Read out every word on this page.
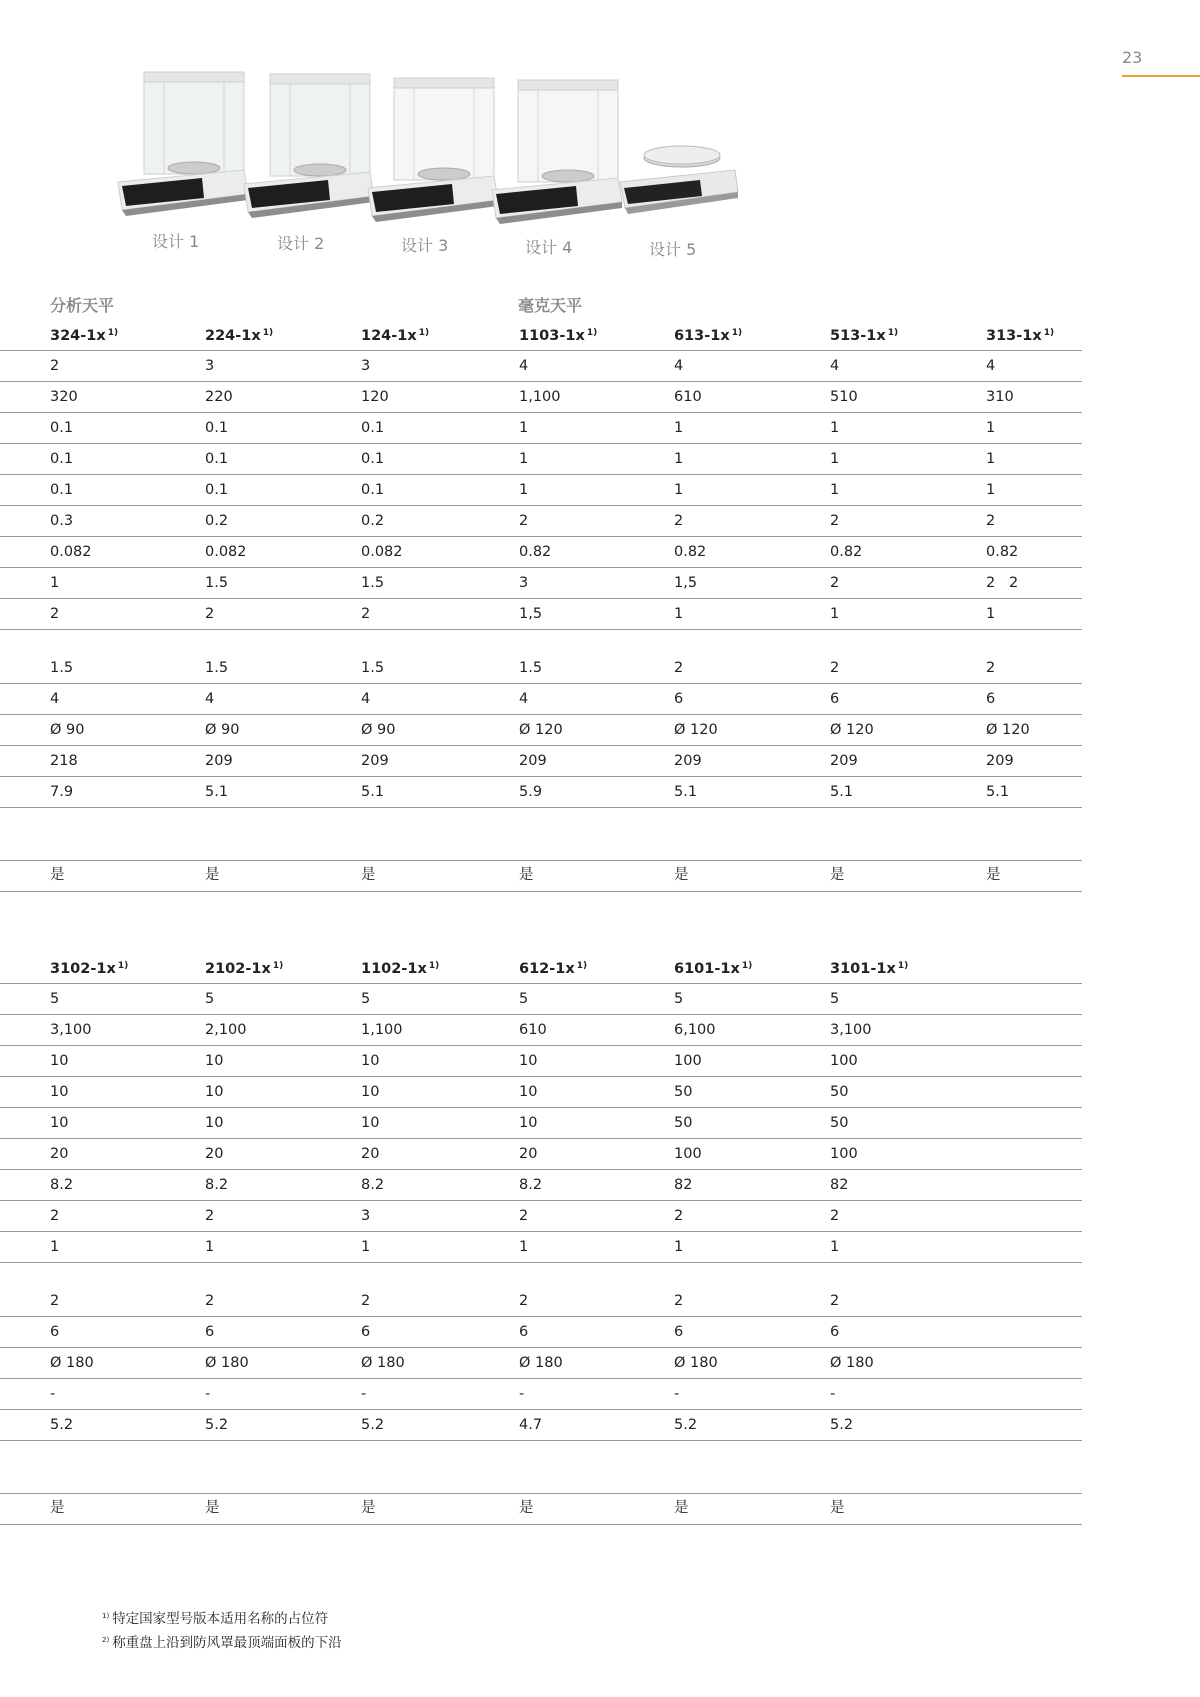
23
设计 1	设计 2	设计 3	设计 4	设计 5
分析天平	毫克天平
324-1x $^{1)}$	224-1x $^{1)}$	124-1x $^{1)}$	1103-1x $^{1)}$	613-1x $^{1)}$	513-1x $^{1)}$	313-1x $^{1)}$
2	3	3	4	4	4	4
320	220	120	1,100	610	510	310
0.1	0.1	0.1	1	1	1	1
0.1	0.1	0.1	1	1	1	1
0.1	0.1	0.1	1	1	1	1
0.3	0.2	0.2	2	2	2	2
0.082	0.082	0.082	0.82	0.82	0.82	0.82
1	1.5	1.5	3	1,5	2	2   2
2	2	2	1,5	1	1	1
1.5	1.5	1.5	1.5	2	2	2
4	4	4	4	6	6	6
Ø 90	Ø 90	Ø 90	Ø 120	Ø 120	Ø 120	Ø 120
218	209	209	209	209	209	209
7.9	5.1	5.1	5.9	5.1	5.1	5.1
是	是	是	是	是	是	是
3102-1x $^{1)}$	2102-1x $^{1)}$	1102-1x $^{1)}$	612-1x $^{1)}$	6101-1x $^{1)}$	3101-1x $^{1)}$
5	5	5	5	5	5
3,100	2,100	1,100	610	6,100	3,100
10	10	10	10	100	100
10	10	10	10	50	50
10	10	10	10	50	50
20	20	20	20	100	100
8.2	8.2	8.2	8.2	82	82
2	2	3	2	2	2
1	1	1	1	1	1
2	2	2	2	2	2
6	6	6	6	6	6
Ø 180	Ø 180	Ø 180	Ø 180	Ø 180	Ø 180
-	-	-	-	-	-
5.2	5.2	5.2	4.7	5.2	5.2
是	是	是	是	是	是
$^{1)}$ 特定国家型号版本适用名称的占位符
$^{2)}$ 称重盘上沿到防风罩最顶端面板的下沿
